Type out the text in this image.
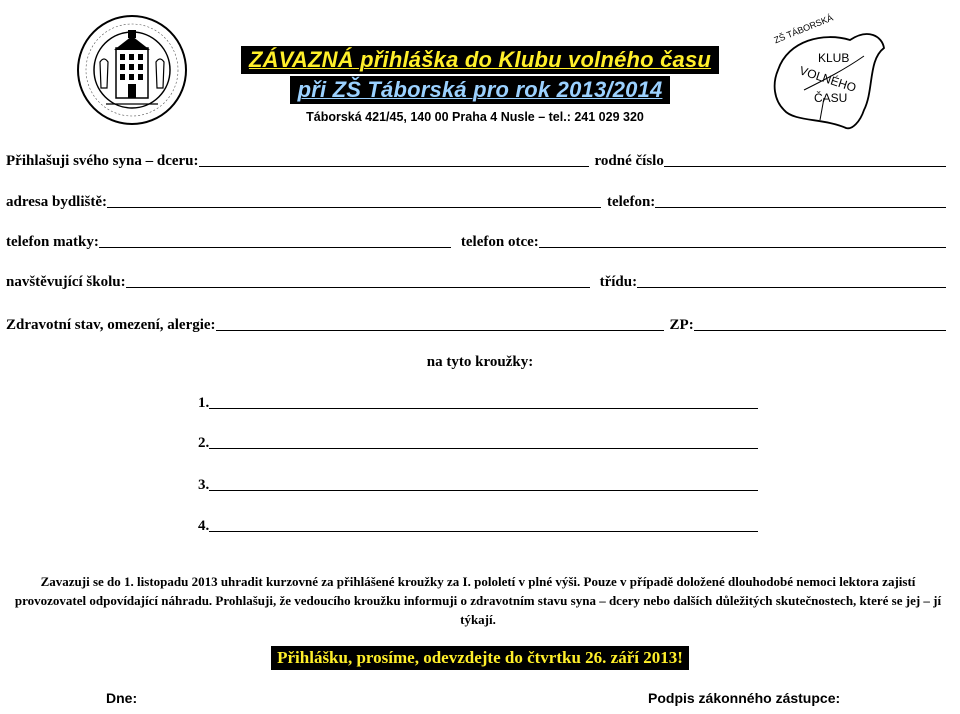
ZÁVAZNÁ přihláška do Klubu volného času
při ZŠ Táborská pro rok 2013/2014
Táborská 421/45, 140 00 Praha 4 Nusle – tel.: 241 029 320
ZŠ TÁBORSKÁ
KLUB
VOLNÉHO
ČASU
Přihlašuji svého syna – dceru:	rodné číslo
adresa bydliště:	telefon:
telefon matky:	telefon otce:
navštěvující školu:	třídu:
Zdravotní stav, omezení, alergie:	ZP:
na tyto kroužky:
1.
2.
3.
4.
Zavazuji se do 1. listopadu 2013 uhradit kurzovné za přihlášené kroužky za I. pololetí v plné výši. Pouze v případě doložené dlouhodobé nemoci lektora zajistí provozovatel odpovídající náhradu. Prohlašuji, že vedoucího kroužku informuji o zdravotním stavu syna – dcery nebo dalších důležitých skutečnostech, které se jej – jí týkají.
Přihlášku, prosíme, odevzdejte do čtvrtku 26. září 2013!
Dne:	Podpis zákonného zástupce:
